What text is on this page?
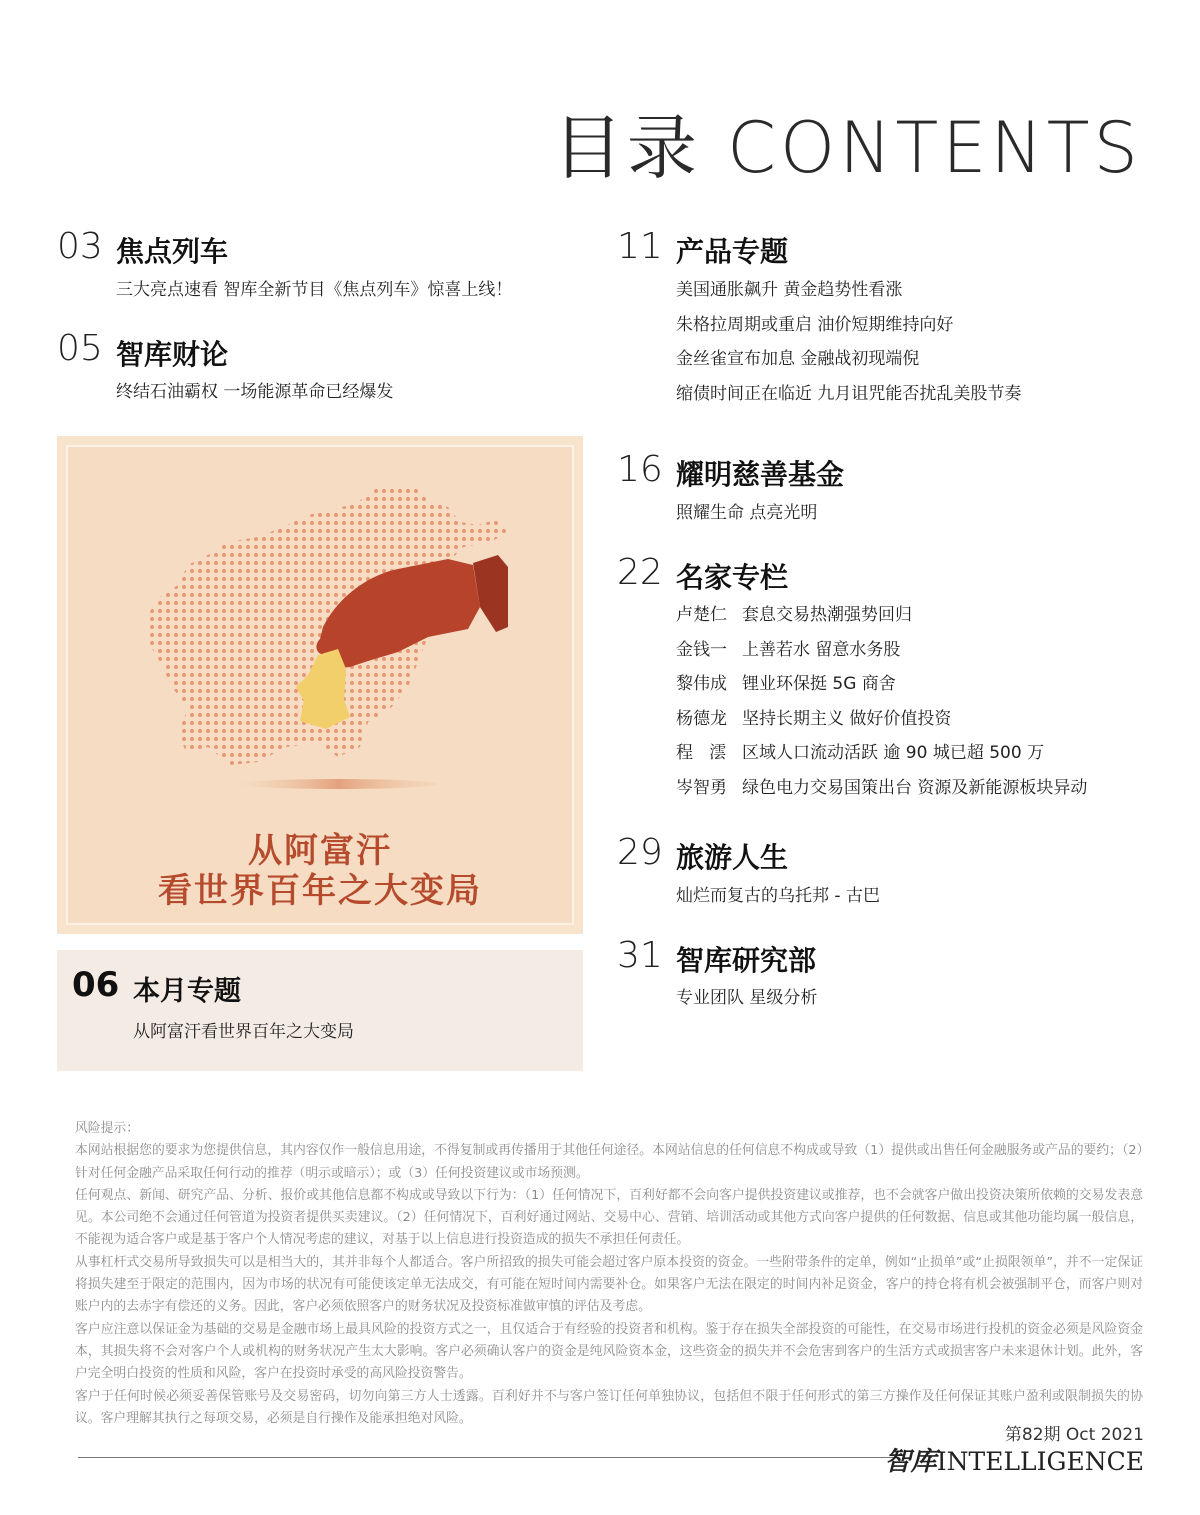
目录 CONTENTS
03 焦点列车
三大亮点速看 智库全新节目《焦点列车》惊喜上线！
05 智库财论
终结石油霸权 一场能源革命已经爆发
从阿富汗
看世界百年之大变局
06 本月专题
从阿富汗看世界百年之大变局
11 产品专题
美国通胀飙升 黄金趋势性看涨
朱格拉周期或重启 油价短期维持向好
金丝雀宣布加息 金融战初现端倪
缩债时间正在临近 九月诅咒能否扰乱美股节奏
16 耀明慈善基金
照耀生命 点亮光明
22 名家专栏
卢楚仁 套息交易热潮强势回归
金钱一 上善若水 留意水务股
黎伟成 锂业环保挺 5G 商舍
杨德龙 坚持长期主义 做好价值投资
程   澐 区域人口流动活跃 逾 90 城已超 500 万
岑智勇 绿色电力交易国策出台 资源及新能源板块异动
29 旅游人生
灿烂而复古的乌托邦 - 古巴
31 智库研究部
专业团队 星级分析

风险提示：

本网站根据您的要求为您提供信息，其内容仅作一般信息用途，不得复制或再传播用于其他任何途径。本网站信息的任何信息不构成或导致（1）提供或出售任何金融服务或产品的要约；（2）针对任何金融产品采取任何行动的推荐（明示或暗示）；或（3）任何投资建议或市场预测。

任何观点、新闻、研究产品、分析、报价或其他信息都不构成或导致以下行为：（1）任何情况下，百利好都不会向客户提供投资建议或推荐，也不会就客户做出投资决策所依赖的交易发表意见。本公司绝不会通过任何管道为投资者提供买卖建议。（2）任何情况下，百利好通过网站、交易中心、营销、培训活动或其他方式向客户提供的任何数据、信息或其他功能均属一般信息，不能视为适合客户或是基于客户个人情况考虑的建议，对基于以上信息进行投资造成的损失不承担任何责任。

从事杠杆式交易所导致损失可以是相当大的，其并非每个人都适合。客户所招致的损失可能会超过客户原本投资的资金。一些附带条件的定单，例如“止损单”或“止损限领单”，并不一定保证将损失建至于限定的范围内，因为市场的状况有可能使该定单无法成交，有可能在短时间内需要补仓。如果客户无法在限定的时间内补足资金，客户的持仓将有机会被强制平仓，而客户则对账户内的去赤字有偿还的义务。因此，客户必须依照客户的财务状况及投资标准做审慎的评估及考虑。

客户应注意以保证金为基础的交易是金融市场上最具风险的投资方式之一，且仅适合于有经验的投资者和机构。鉴于存在损失全部投资的可能性，在交易市场进行投机的资金必须是风险资金本，其损失将不会对客户个人或机构的财务状况产生太大影响。客户必须确认客户的资金是纯风险资本金，这些资金的损失并不会危害到客户的生活方式或损害客户未来退休计划。此外，客户完全明白投资的性质和风险，客户在投资时承受的高风险投资警告。

客户于任何时候必须妥善保管账号及交易密码，切勿向第三方人士透露。百利好并不与客户签订任何单独协议，包括但不限于任何形式的第三方操作及任何保证其账户盈利或限制损失的协议。客户理解其执行之每项交易，必须是自行操作及能承担绝对风险。

第82期 Oct 2021
智库INTELLIGENCE
